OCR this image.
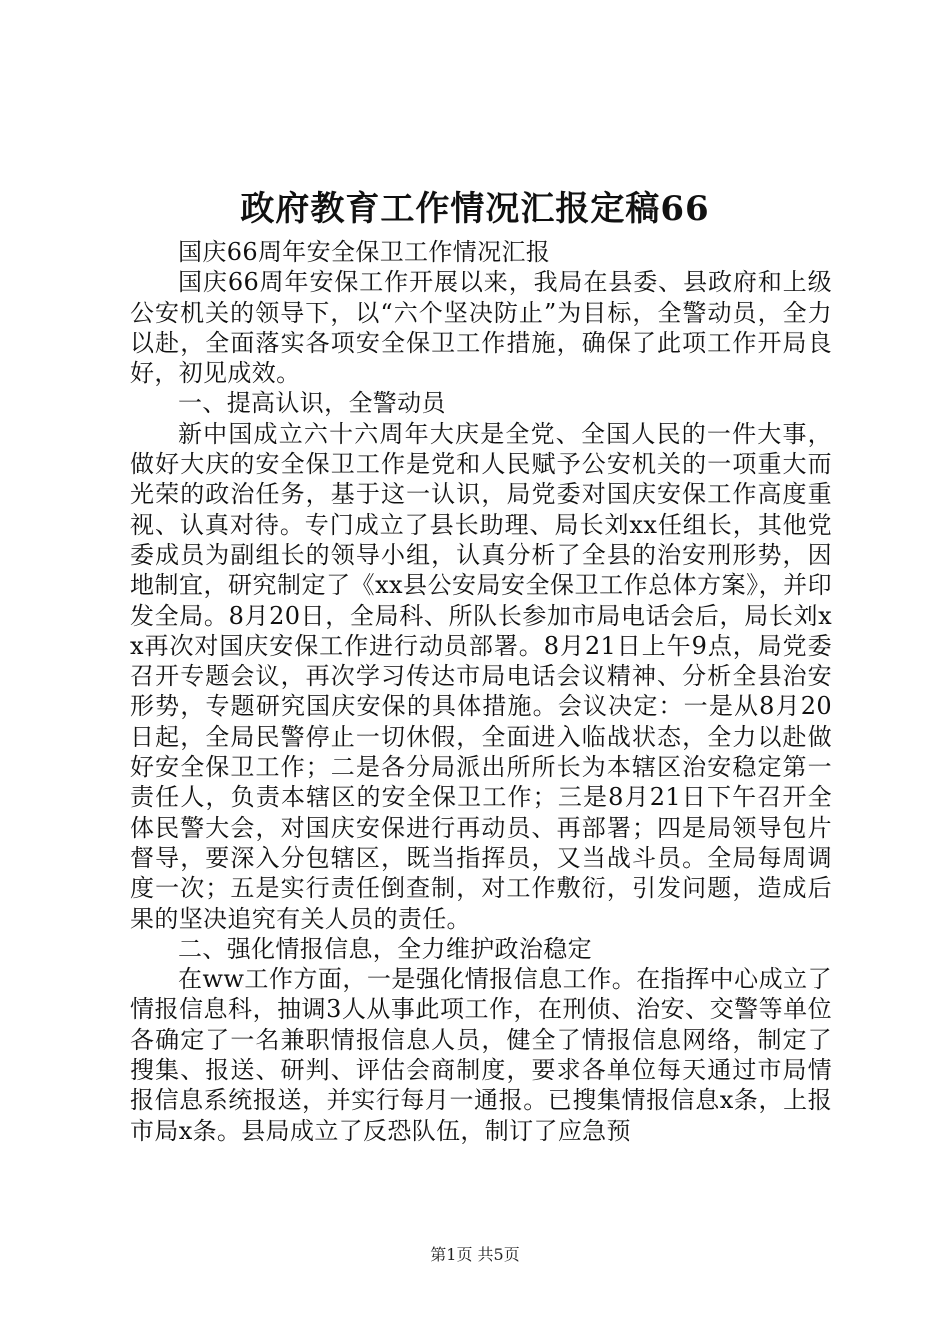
政府教育工作情况汇报定稿66

国庆66周年安全保卫工作情况汇报

国庆66周年安保工作开展以来，我局在县委、县政府和上级公安机关的领导下，以“六个坚决防止”为目标，全警动员，全力以赴，全面落实各项安全保卫工作措施，确保了此项工作开局良好，初见成效。

一、提高认识，全警动员

新中国成立六十六周年大庆是全党、全国人民的一件大事，做好大庆的安全保卫工作是党和人民赋予公安机关的一项重大而光荣的政治任务，基于这一认识，局党委对国庆安保工作高度重视、认真对待。专门成立了县长助理、局长刘xx任组长，其他党委成员为副组长的领导小组，认真分析了全县的治安刑形势，因地制宜，研究制定了《xx县公安局安全保卫工作总体方案》，并印发全局。8月20日，全局科、所队长参加市局电话会后，局长刘xx再次对国庆安保工作进行动员部署。8月21日上午9点，局党委召开专题会议，再次学习传达市局电话会议精神、分析全县治安形势，专题研究国庆安保的具体措施。会议决定：一是从8月20日起，全局民警停止一切休假，全面进入临战状态，全力以赴做好安全保卫工作；二是各分局派出所所长为本辖区治安稳定第一责任人，负责本辖区的安全保卫工作；三是8月21日下午召开全体民警大会，对国庆安保进行再动员、再部署；四是局领导包片督导，要深入分包辖区，既当指挥员，又当战斗员。全局每周调度一次；五是实行责任倒查制，对工作敷衍，引发问题，造成后果的坚决追究有关人员的责任。

二、强化情报信息，全力维护政治稳定

在ww工作方面，一是强化情报信息工作。在指挥中心成立了情报信息科，抽调3人从事此项工作，在刑侦、治安、交警等单位各确定了一名兼职情报信息人员，健全了情报信息网络，制定了搜集、报送、研判、评估会商制度，要求各单位每天通过市局情报信息系统报送，并实行每月一通报。已搜集情报信息x条，上报市局x条。县局成立了反恐队伍，制订了应急预

第1页 共5页
